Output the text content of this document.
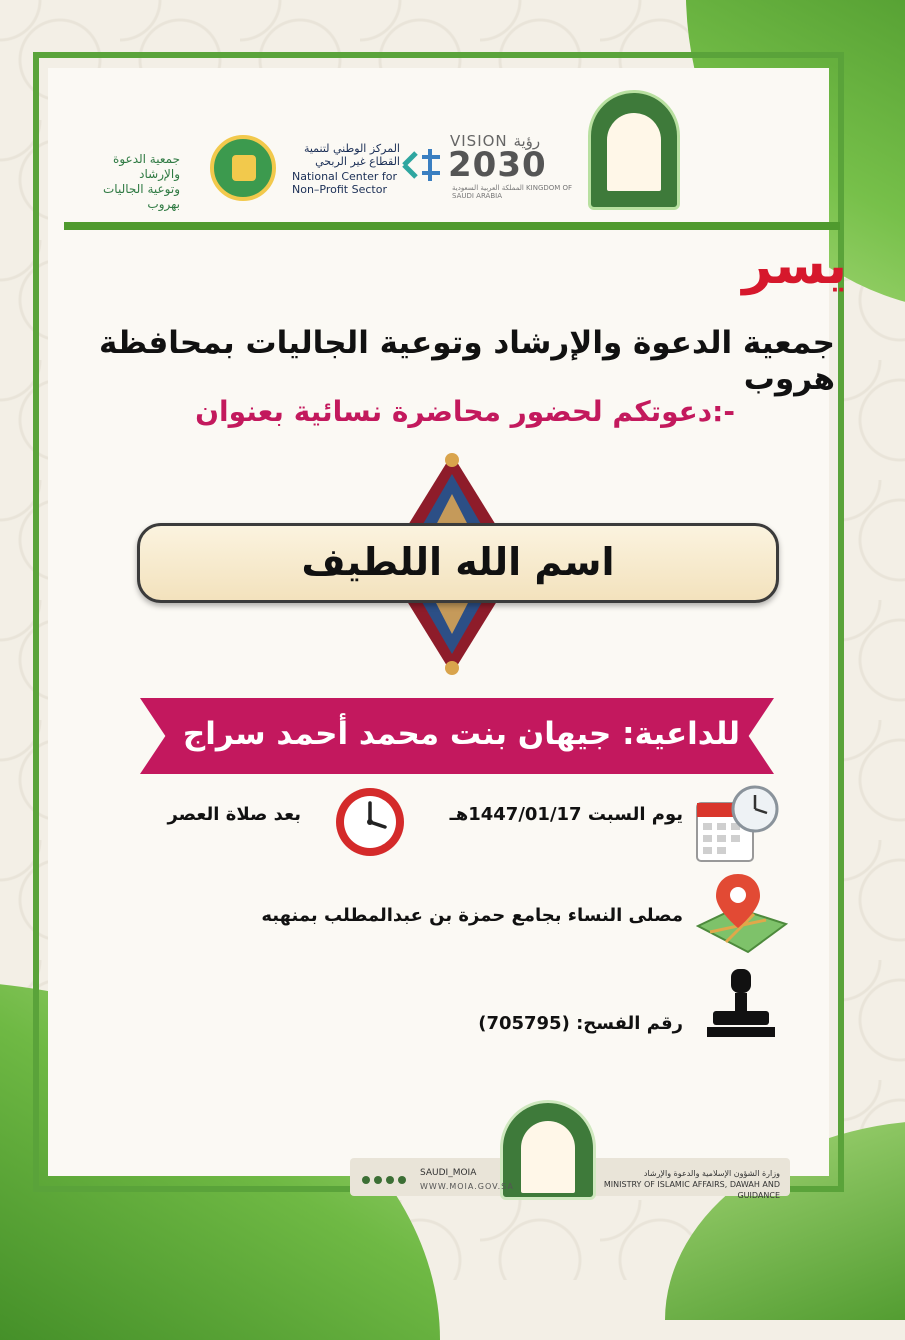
جمعية الدعوة والإرشاد
وتوعية الجاليات بهروب
المركز الوطني لتنمية
القطاع غير الربحي
National Center for
Non–Profit Sector
VISION رؤية
2030
المملكة العربية السعودية KINGDOM OF SAUDI ARABIA
يسر
جمعية الدعوة والإرشاد وتوعية الجاليات بمحافظة هروب
دعوتكم لحضور محاضرة نسائية بعنوان:-
اسم الله اللطيف
للداعية: جيهان بنت محمد أحمد سراج
يوم السبت 1447/01/17هـ
بعد صلاة العصر
مصلى النساء بجامع حمزة بن عبدالمطلب بمنهبه
رقم الفسح: (705795)
SAUDI_MOIA
WWW.MOIA.GOV.SA
وزارة الشؤون الإسلامية والدعوة والإرشاد
MINISTRY OF ISLAMIC AFFAIRS, DAWAH AND GUIDANCE
